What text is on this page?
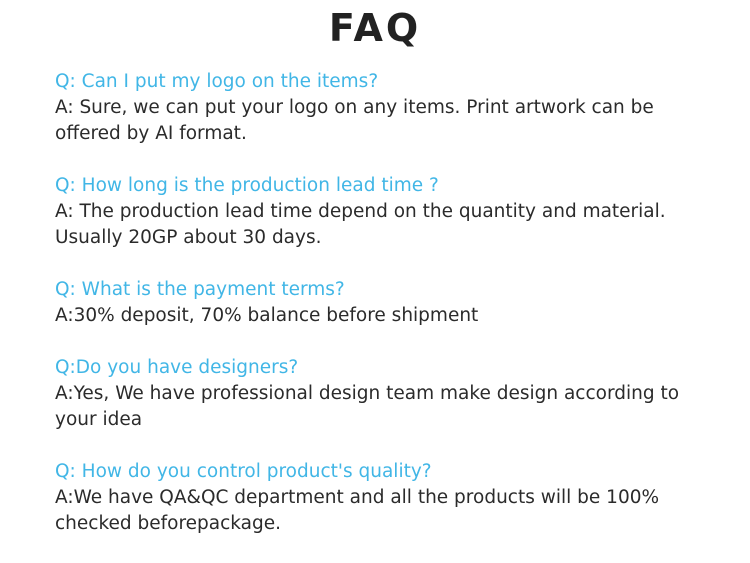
FAQ
Q: Can I put my logo on the items?
A: Sure, we can put your logo on any items. Print artwork can be offered by AI format.
Q: How long is the production lead time ?
A: The production lead time depend on the quantity and material. Usually 20GP about 30 days.
Q: What is the payment terms?
A:30% deposit, 70% balance before shipment
Q:Do you have designers?
A:Yes, We have professional design team make design according to your idea
Q: How do you control product's quality?
A:We have QA&QC department and all the products will be 100% checked beforepackage.
